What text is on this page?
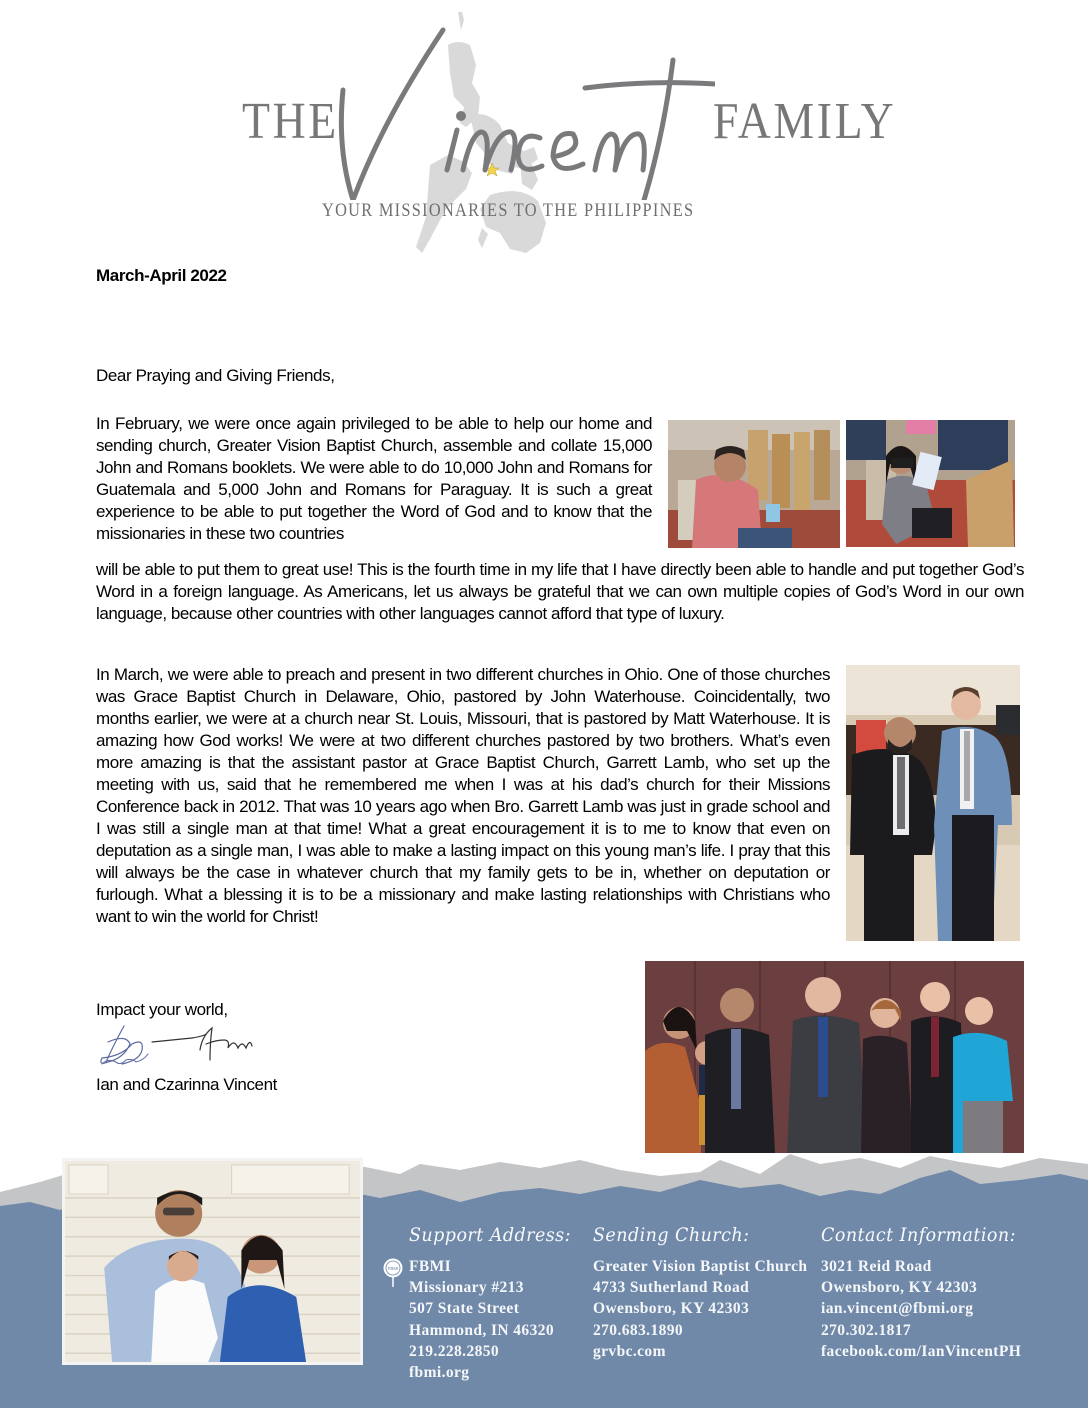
THE	FAMILY
YOUR MISSIONARIES TO THE PHILIPPINES
March-April 2022
Dear Praying and Giving Friends,

In February, we were once again privileged to be able to help our home and sending church, Greater Vision Baptist Church, assemble and collate 15,000 John and Romans booklets. We were able to do 10,000 John and Romans for Guatemala and 5,000 John and Romans for Paraguay. It is such a great experience to be able to put together the Word of God and to know that the missionaries in these two countries

will be able to put them to great use! This is the fourth time in my life that I have directly been able to handle and put together God’s Word in a foreign language. As Americans, let us always be grateful that we can own multiple copies of God’s Word in our own language, because other countries with other languages cannot afford that type of luxury.

In March, we were able to preach and present in two different churches in Ohio. One of those churches was Grace Baptist Church in Delaware, Ohio, pastored by John Waterhouse. Coincidentally, two months earlier, we were at a church near St. Louis, Missouri, that is pastored by Matt Waterhouse. It is amazing how God works! We were at two different churches pastored by two brothers. What’s even more amazing is that the assistant pastor at Grace Baptist Church, Garrett Lamb, who set up the meeting with us, said that he remembered me when I was at his dad’s church for their Missions Conference back in 2012. That was 10 years ago when Bro. Garrett Lamb was just in grade school and I was still a single man at that time! What a great encouragement it is to me to know that even on deputation as a single man, I was able to make a lasting impact on this young man’s life. I pray that this will always be the case in whatever church that my family gets to be in, whether on deputation or furlough. What a blessing it is to be a missionary and make lasting relationships with Christians who want to win the world for Christ!

Impact your world,
Ian and Czarinna Vincent
FBMI
Support Address:
FBMI
Missionary #213
507 State Street
Hammond, IN 46320
219.228.2850
fbmi.org
Sending Church:
Greater Vision Baptist Church
4733 Sutherland Road
Owensboro, KY 42303
270.683.1890
grvbc.com
Contact Information:
3021 Reid Road
Owensboro, KY 42303
ian.vincent@fbmi.org
270.302.1817
facebook.com/IanVincentPH
